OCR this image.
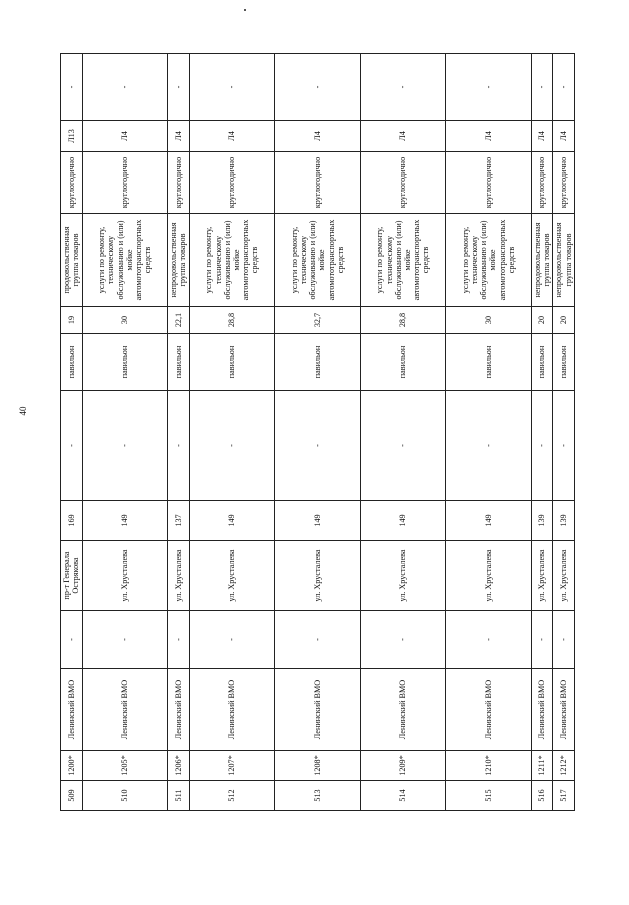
40
509	1200*	Ленинский ВМО	-	пр-т Генерала Острякова	169	-	павильон	19	продовольственная группа товаров	круглогодично	Л13	-
510	1205*	Ленинский ВМО	-	ул. Хрусталева	149	-	павильон	30	услуги по ремонту, техническому обслуживанию и (или) мойке автомототранспортных средств	круглогодично	Л4	-
511	1206*	Ленинский ВМО	-	ул. Хрусталева	137	-	павильон	22,1	непродовольственная группа товаров	круглогодично	Л4	-
512	1207*	Ленинский ВМО	-	ул. Хрусталева	149	-	павильон	28,8	услуги по ремонту, техническому обслуживанию и (или) мойке автомототранспортных средств	круглогодично	Л4	-
513	1208*	Ленинский ВМО	-	ул. Хрусталева	149	-	павильон	32,7	услуги по ремонту, техническому обслуживанию и (или) мойке автомототранспортных средств	круглогодично	Л4	-
514	1209*	Ленинский ВМО	-	ул. Хрусталева	149	-	павильон	28,8	услуги по ремонту, техническому обслуживанию и (или) мойке автомототранспортных средств	круглогодично	Л4	-
515	1210*	Ленинский ВМО	-	ул. Хрусталева	149	-	павильон	30	услуги по ремонту, техническому обслуживанию и (или) мойке автомототранспортных средств	круглогодично	Л4	-
516	1211*	Ленинский ВМО	-	ул. Хрусталева	139	-	павильон	20	непродовольственная группа товаров	круглогодично	Л4	-
517	1212*	Ленинский ВМО	-	ул. Хрусталева	139	-	павильон	20	непродовольственная группа товаров	круглогодично	Л4	-
